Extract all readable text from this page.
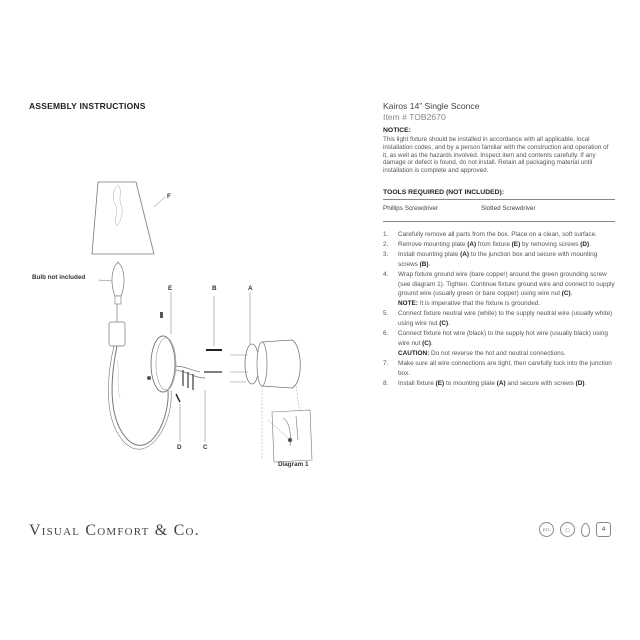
ASSEMBLY INSTRUCTIONS	Kairos 14” Single Sconce
Item # TOB2670
NOTICE:
This light fixture should be installed in accordance with all applicable, local installation codes, and by a person familiar with the construction and operation of it, as well as the hazards involved. Inspect item and contents carefully. If any damage or defect is found, do not install. Retain all packaging material until installation is complete and approved.
TOOLS REQUIRED (NOT INCLUDED):
Phillips Screwdriver	Slotted Screwdriver
1.	Carefully remove all parts from the box. Place on a clean, soft surface.
2.	Remove mounting plate (A) from fixture (E) by removing screws (D).
3.	Install mounting plate (A) to the junction box and secure with mounting screws (B).
4.	Wrap fixture ground wire (bare copper) around the green grounding screw (see diagram 1). Tighten. Continue fixture ground wire and connect to supply ground wire (usually green or bare copper) using wire nut (C).
NOTE: It is imperative that the fixture is grounded.
5.	Connect fixture neutral wire (white) to the supply neutral wire (usually white) using wire nut (C).
6.	Connect fixture hot wire (black) to the supply hot wire (usually black) using wire nut (C).
CAUTION: Do not reverse the hot and neutral connections.
7.	Make sure all wire connections are tight, then carefully tuck into the junction box.
8.	Install fixture (E) to mounting plate (A) and secure with screws (D).
F
Bulb not included
E	B	A
D	C
Diagram 1
Visual Comfort & Co.	ETL	◯	4
